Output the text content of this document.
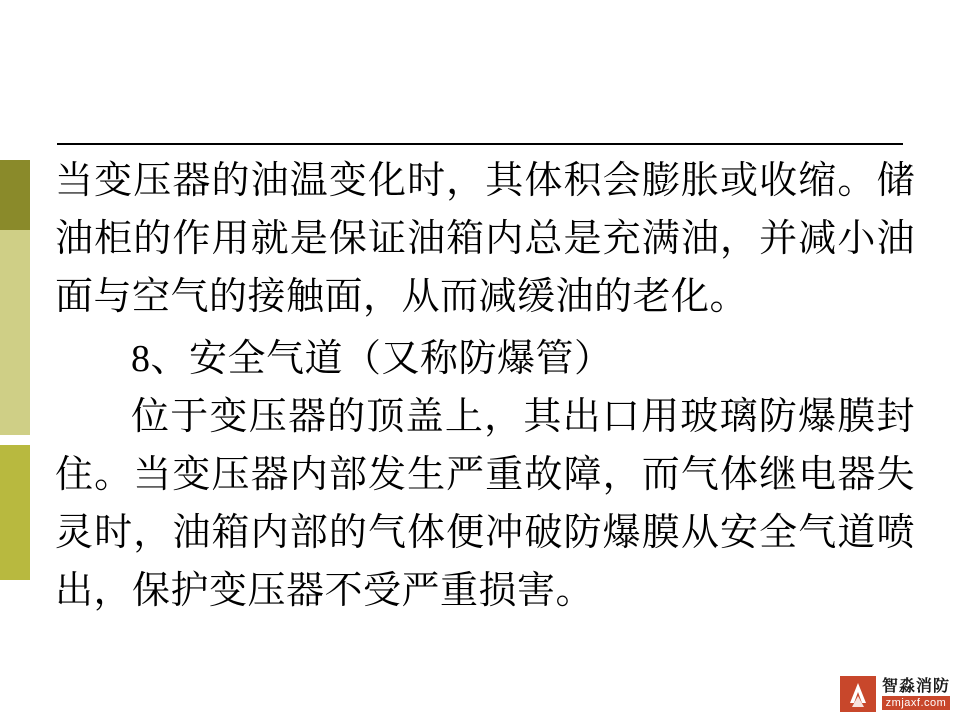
当变压器的油温变化时，其体积会膨胀或收缩。储油柜的作用就是保证油箱内总是充满油，并减小油面与空气的接触面，从而减缓油的老化。

8、安全气道（又称防爆管）

位于变压器的顶盖上，其出口用玻璃防爆膜封住。当变压器内部发生严重故障，而气体继电器失灵时，油箱内部的气体便冲破防爆膜从安全气道喷出，保护变压器不受严重损害。

智淼消防
zmjaxf.com
